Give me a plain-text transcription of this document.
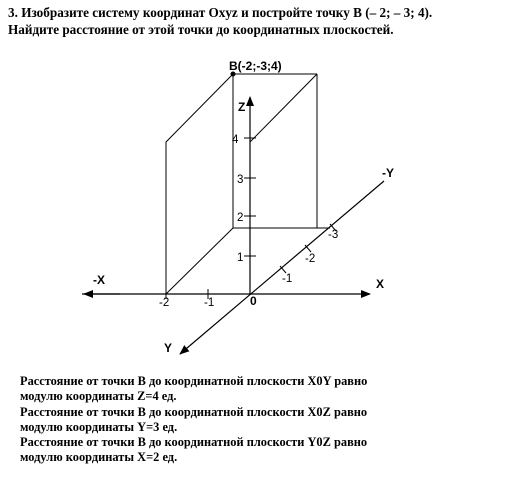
3. Изобразите систему координат Oxyz и постройте точку В (– 2; – 3; 4).
Найдите расстояние от этой точки до координатных плоскостей.
B(-2;-3;4)
1
2
3
4
-1
-2
-1
-2
-3
Z
-Y
-X	X
Y
0
Расстояние от точки В до координатной плоскости X0Y равно
модулю координаты Z=4 ед.
Расстояние от точки В до координатной плоскости X0Z равно
модулю координаты Y=3 ед.
Расстояние от точки В до координатной плоскости Y0Z равно
модулю координаты X=2 ед.
